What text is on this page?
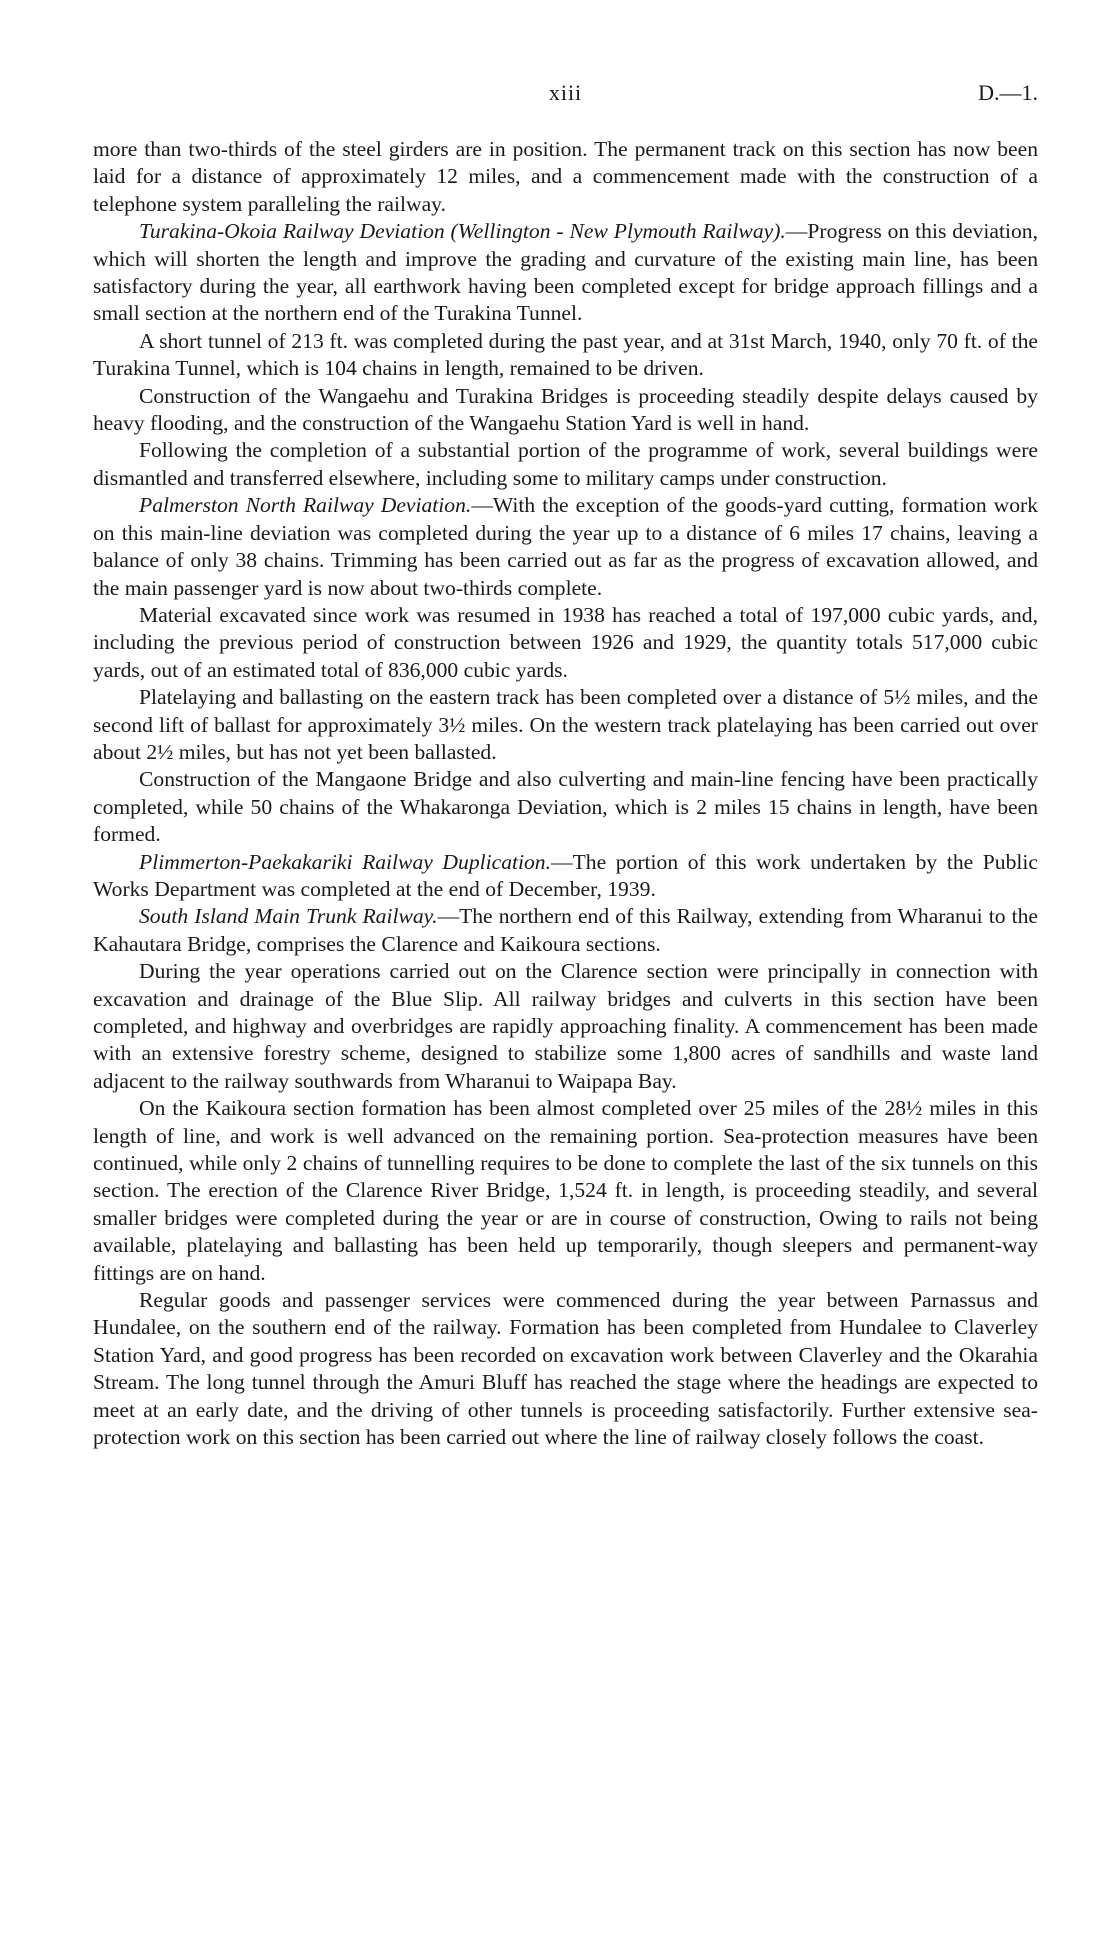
xiii	D.—1.

more than two-thirds of the steel girders are in position. The permanent track on this section has now been laid for a distance of approximately 12 miles, and a commencement made with the construction of a telephone system paralleling the railway.

Turakina-Okoia Railway Deviation (Wellington - New Plymouth Railway).—Progress on this deviation, which will shorten the length and improve the grading and curvature of the existing main line, has been satisfactory during the year, all earthwork having been completed except for bridge approach fillings and a small section at the northern end of the Turakina Tunnel.

A short tunnel of 213 ft. was completed during the past year, and at 31st March, 1940, only 70 ft. of the Turakina Tunnel, which is 104 chains in length, remained to be driven.

Construction of the Wangaehu and Turakina Bridges is proceeding steadily despite delays caused by heavy flooding, and the construction of the Wangaehu Station Yard is well in hand.

Following the completion of a substantial portion of the programme of work, several buildings were dismantled and transferred elsewhere, including some to military camps under construction.

Palmerston North Railway Deviation.—With the exception of the goods-yard cutting, formation work on this main-line deviation was completed during the year up to a distance of 6 miles 17 chains, leaving a balance of only 38 chains. Trimming has been carried out as far as the progress of excavation allowed, and the main passenger yard is now about two-thirds complete.

Material excavated since work was resumed in 1938 has reached a total of 197,000 cubic yards, and, including the previous period of construction between 1926 and 1929, the quantity totals 517,000 cubic yards, out of an estimated total of 836,000 cubic yards.

Platelaying and ballasting on the eastern track has been completed over a distance of 5½ miles, and the second lift of ballast for approximately 3½ miles. On the western track platelaying has been carried out over about 2½ miles, but has not yet been ballasted.

Construction of the Mangaone Bridge and also culverting and main-line fencing have been practically completed, while 50 chains of the Whakaronga Deviation, which is 2 miles 15 chains in length, have been formed.

Plimmerton-Paekakariki Railway Duplication.—The portion of this work undertaken by the Public Works Department was completed at the end of December, 1939.

South Island Main Trunk Railway.—The northern end of this Railway, extending from Wharanui to the Kahautara Bridge, comprises the Clarence and Kaikoura sections.

During the year operations carried out on the Clarence section were principally in connection with excavation and drainage of the Blue Slip. All railway bridges and culverts in this section have been completed, and highway and overbridges are rapidly approaching finality. A commencement has been made with an extensive forestry scheme, designed to stabilize some 1,800 acres of sandhills and waste land adjacent to the railway southwards from Wharanui to Waipapa Bay.

On the Kaikoura section formation has been almost completed over 25 miles of the 28½ miles in this length of line, and work is well advanced on the remaining portion. Sea-protection measures have been continued, while only 2 chains of tunnelling requires to be done to complete the last of the six tunnels on this section. The erection of the Clarence River Bridge, 1,524 ft. in length, is proceeding steadily, and several smaller bridges were completed during the year or are in course of construction, Owing to rails not being available, platelaying and ballasting has been held up temporarily, though sleepers and permanent-way fittings are on hand.

Regular goods and passenger services were commenced during the year between Parnassus and Hundalee, on the southern end of the railway. Formation has been completed from Hundalee to Claverley Station Yard, and good progress has been recorded on excavation work between Claverley and the Okarahia Stream. The long tunnel through the Amuri Bluff has reached the stage where the headings are expected to meet at an early date, and the driving of other tunnels is proceeding satisfactorily. Further extensive sea-protection work on this section has been carried out where the line of railway closely follows the coast.
